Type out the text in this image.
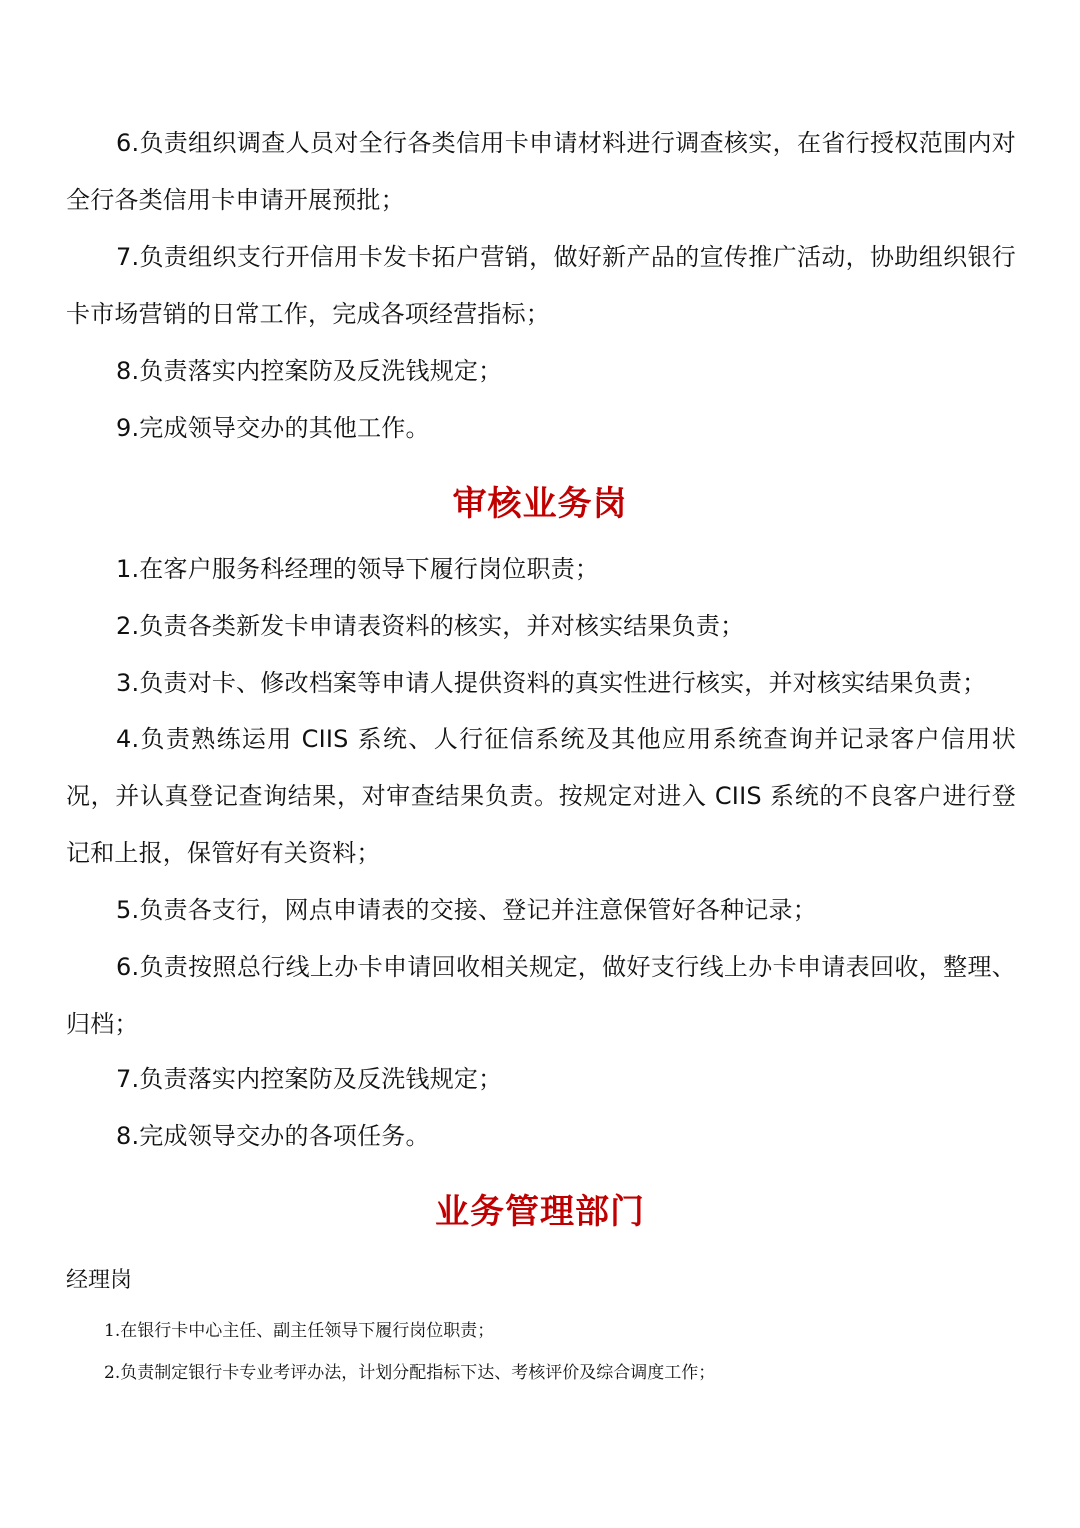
6.负责组织调查人员对全行各类信用卡申请材料进行调查核实，在省行授权范围内对全行各类信用卡申请开展预批；

7.负责组织支行开信用卡发卡拓户营销，做好新产品的宣传推广活动，协助组织银行卡市场营销的日常工作，完成各项经营指标；

8.负责落实内控案防及反洗钱规定；

9.完成领导交办的其他工作。

审核业务岗

1.在客户服务科经理的领导下履行岗位职责；

2.负责各类新发卡申请表资料的核实，并对核实结果负责；

3.负责对卡、修改档案等申请人提供资料的真实性进行核实，并对核实结果负责；

4.负责熟练运用 CIIS 系统、人行征信系统及其他应用系统查询并记录客户信用状况，并认真登记查询结果，对审查结果负责。按规定对进入 CIIS 系统的不良客户进行登记和上报，保管好有关资料；

5.负责各支行，网点申请表的交接、登记并注意保管好各种记录；

6.负责按照总行线上办卡申请回收相关规定，做好支行线上办卡申请表回收，整理、归档；

7.负责落实内控案防及反洗钱规定；

8.完成领导交办的各项任务。

业务管理部门

经理岗

1.在银行卡中心主任、副主任领导下履行岗位职责；

2.负责制定银行卡专业考评办法，计划分配指标下达、考核评价及综合调度工作；
